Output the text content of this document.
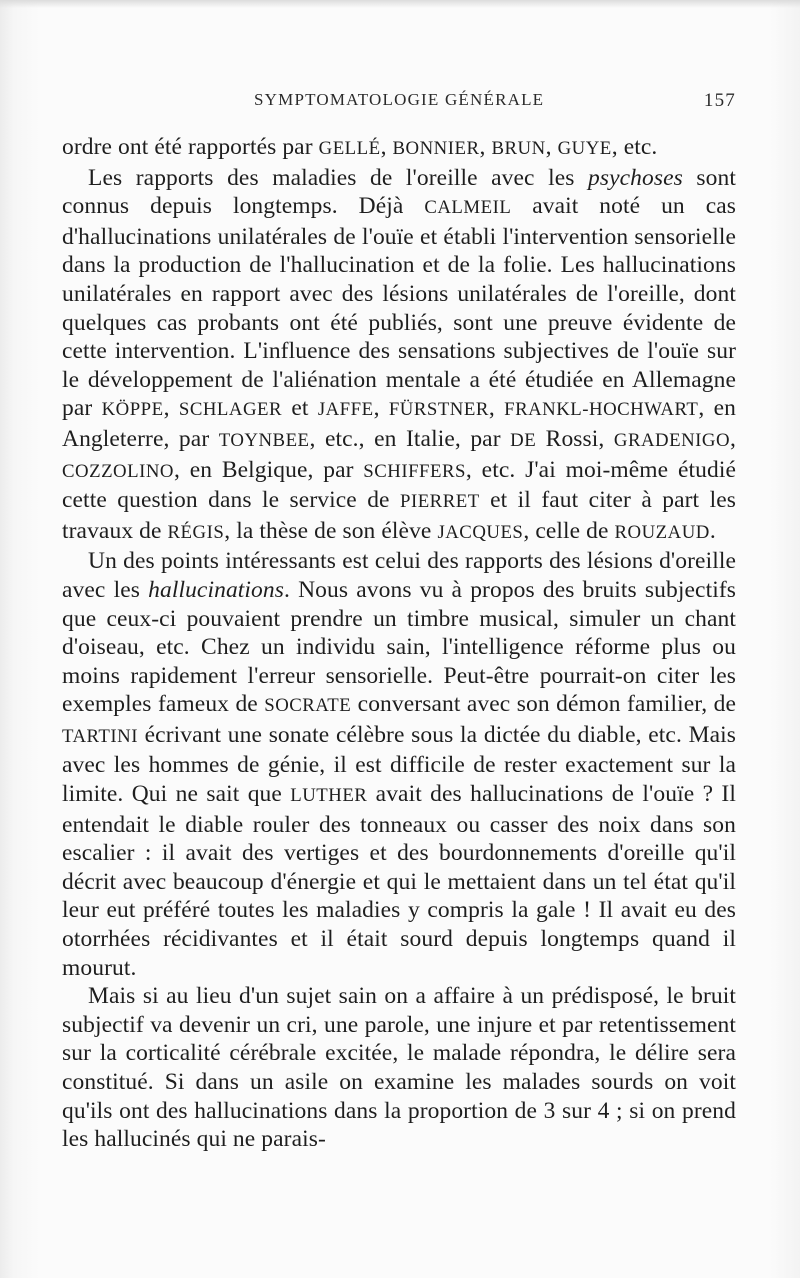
SYMPTOMATOLOGIE GÉNÉRALE	157

ordre ont été rapportés par GELLÉ, BONNIER, BRUN, GUYE, etc.

Les rapports des maladies de l'oreille avec les psychoses sont connus depuis longtemps. Déjà CALMEIL avait noté un cas d'hallucinations unilatérales de l'ouïe et établi l'intervention sensorielle dans la production de l'hallucination et de la folie. Les hallucinations unilatérales en rapport avec des lésions unilatérales de l'oreille, dont quelques cas probants ont été publiés, sont une preuve évidente de cette intervention. L'influence des sensations subjectives de l'ouïe sur le développement de l'aliénation mentale a été étudiée en Allemagne par KÖPPE, SCHLAGER et JAFFE, FÜRSTNER, FRANKL-HOCHWART, en Angleterre, par TOYNBEE, etc., en Italie, par DE Rossi, GRADENIGO, COZZOLINO, en Belgique, par SCHIFFERS, etc. J'ai moi-même étudié cette question dans le service de PIERRET et il faut citer à part les travaux de RÉGIS, la thèse de son élève JACQUES, celle de ROUZAUD.

Un des points intéressants est celui des rapports des lésions d'oreille avec les hallucinations. Nous avons vu à propos des bruits subjectifs que ceux-ci pouvaient prendre un timbre musical, simuler un chant d'oiseau, etc. Chez un individu sain, l'intelligence réforme plus ou moins rapidement l'erreur sensorielle. Peut-être pourrait-on citer les exemples fameux de SOCRATE conversant avec son démon familier, de TARTINI écrivant une sonate célèbre sous la dictée du diable, etc. Mais avec les hommes de génie, il est difficile de rester exactement sur la limite. Qui ne sait que LUTHER avait des hallucinations de l'ouïe ? Il entendait le diable rouler des tonneaux ou casser des noix dans son escalier : il avait des vertiges et des bourdonnements d'oreille qu'il décrit avec beaucoup d'énergie et qui le mettaient dans un tel état qu'il leur eut préféré toutes les maladies y compris la gale ! Il avait eu des otorrhées récidivantes et il était sourd depuis longtemps quand il mourut.

Mais si au lieu d'un sujet sain on a affaire à un prédisposé, le bruit subjectif va devenir un cri, une parole, une injure et par retentissement sur la corticalité cérébrale excitée, le malade répondra, le délire sera constitué. Si dans un asile on examine les malades sourds on voit qu'ils ont des hallucinations dans la proportion de 3 sur 4 ; si on prend les hallucinés qui ne parais-
